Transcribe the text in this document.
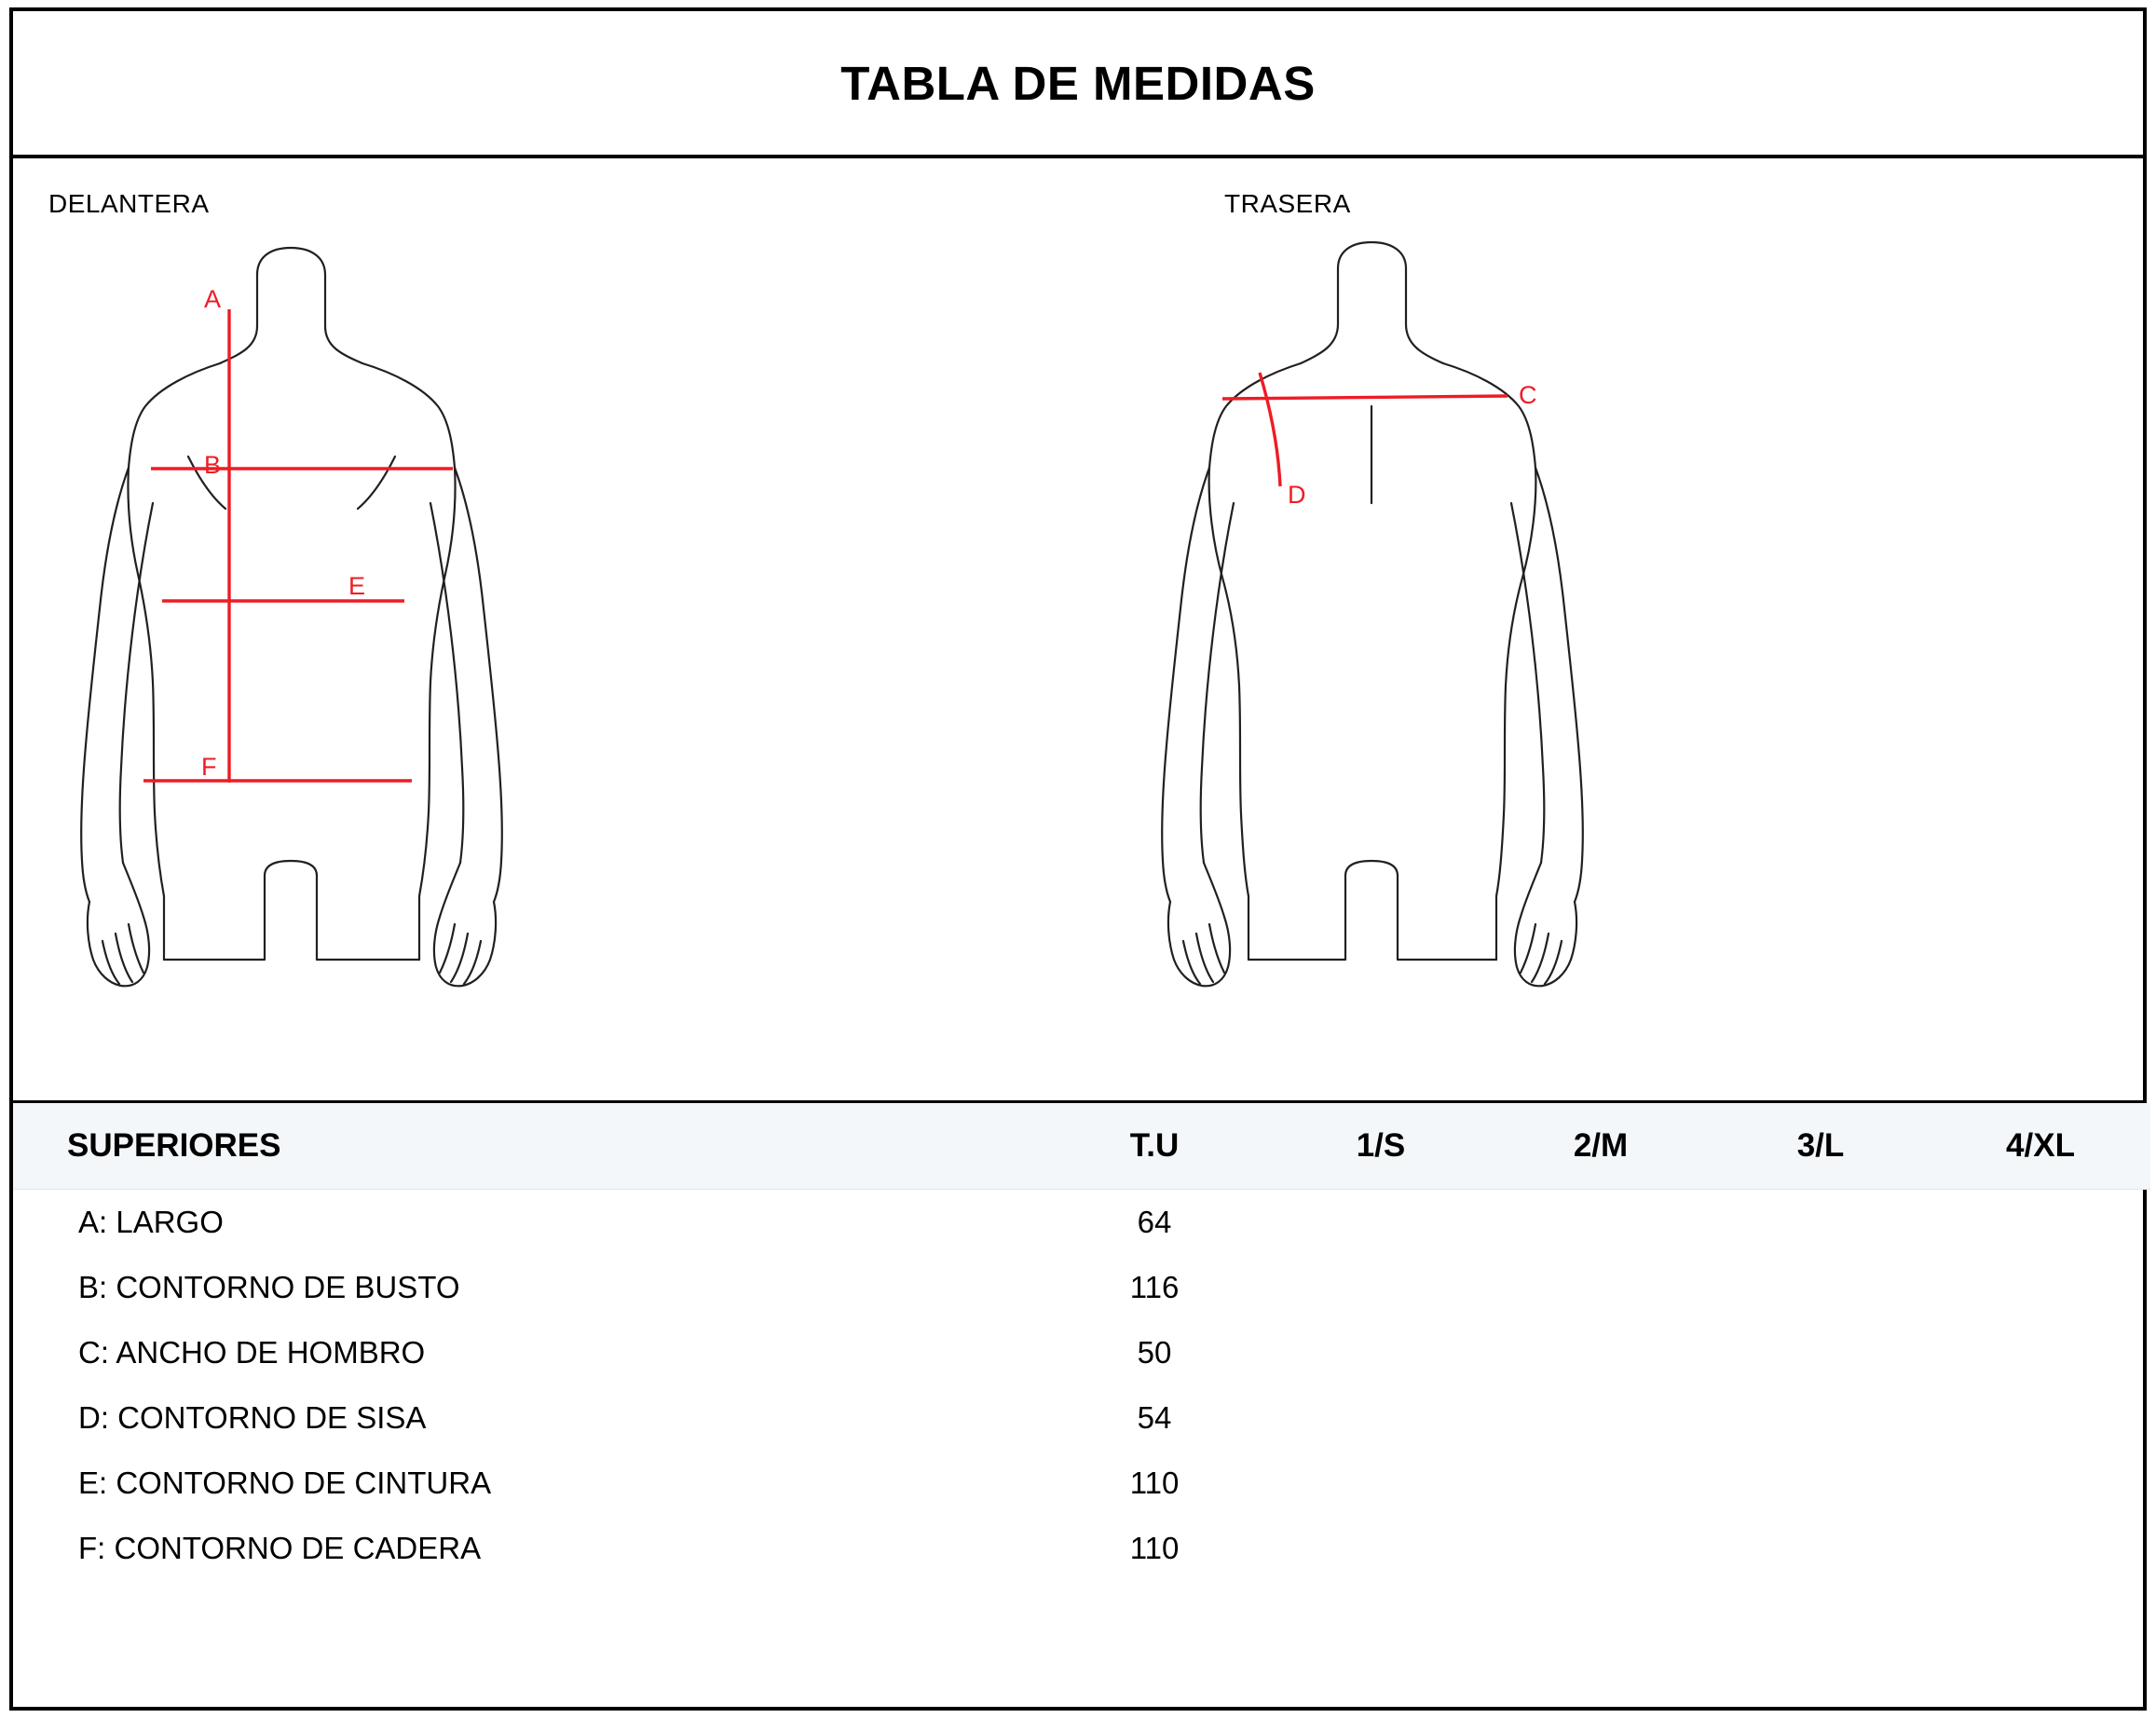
TABLA DE MEDIDAS
DELANTERA	TRASERA
A
B
E
F
C
D
SUPERIORES	T.U	1/S	2/M	3/L	4/XL
A: LARGO	64				
B: CONTORNO DE BUSTO	116				
C: ANCHO DE HOMBRO	50				
D: CONTORNO DE SISA	54				
E: CONTORNO DE CINTURA	110				
F: CONTORNO DE CADERA	110				
